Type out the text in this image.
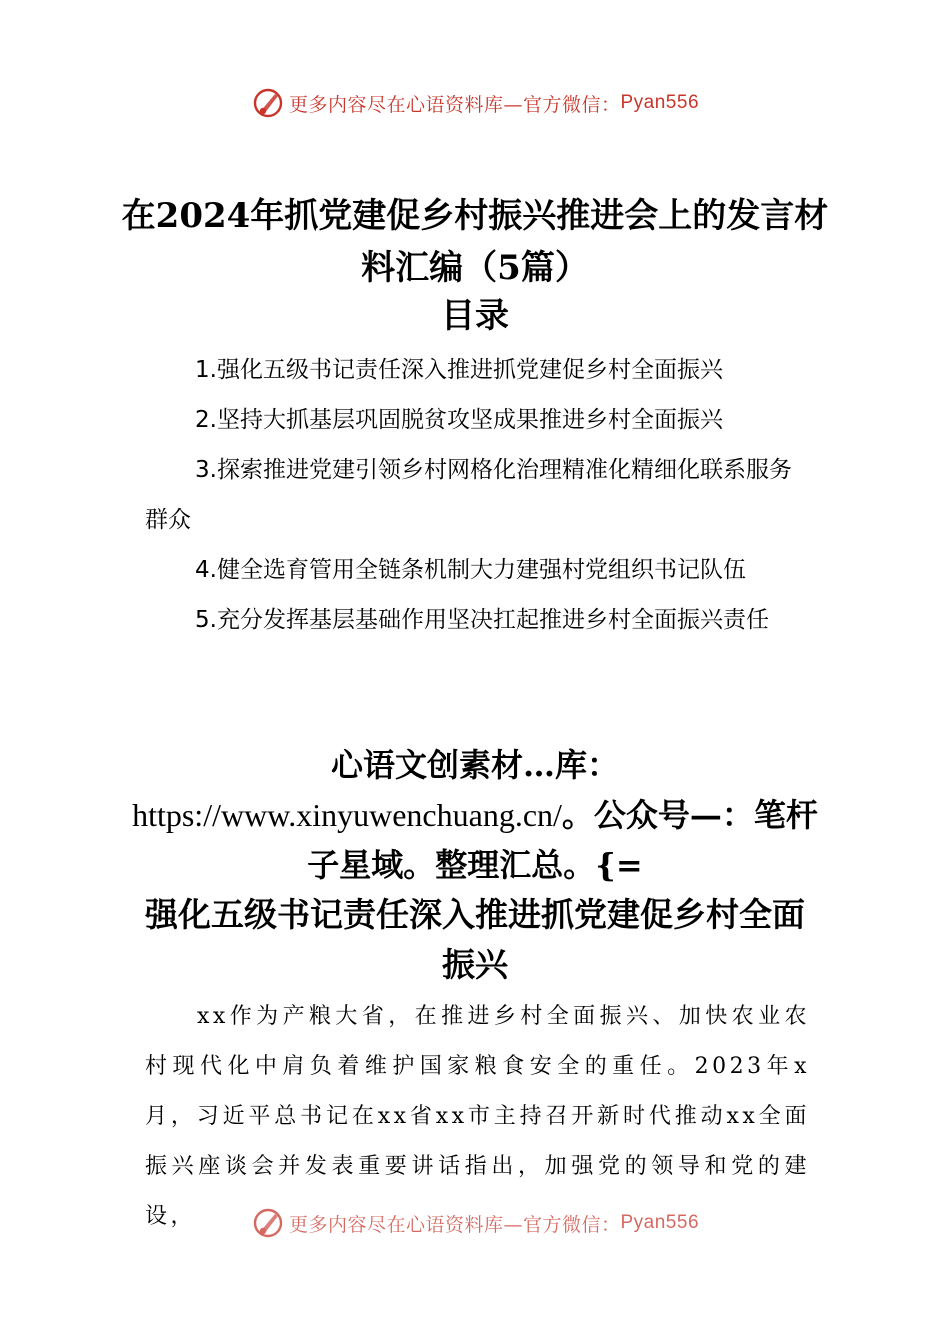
更多内容尽在心语资料库—官方微信： Pyan556
在2024年抓党建促乡村振兴推进会上的发言材料汇编（5篇）
目录

1.强化五级书记责任深入推进抓党建促乡村全面振兴

2.坚持大抓基层巩固脱贫攻坚成果推进乡村全面振兴

3.探索推进党建引领乡村网格化治理精准化精细化联系服务群众

4.健全选育管用全链条机制大力建强村党组织书记队伍

5.充分发挥基层基础作用坚决扛起推进乡村全面振兴责任

心语文创素材…库：https://www.xinyuwenchuang.cn/。公众号—：笔杆子星域。整理汇总。{=
强化五级书记责任深入推进抓党建促乡村全面振兴

xx作为产粮大省，在推进乡村全面振兴、加快农业农村现代化中肩负着维护国家粮食安全的重任。2023年x月，习近平总书记在xx省xx市主持召开新时代推动xx全面振兴座谈会并发表重要讲话指出，加强党的领导和党的建设，	更多内容尽在心语资料库—官方微信： Pyan556
